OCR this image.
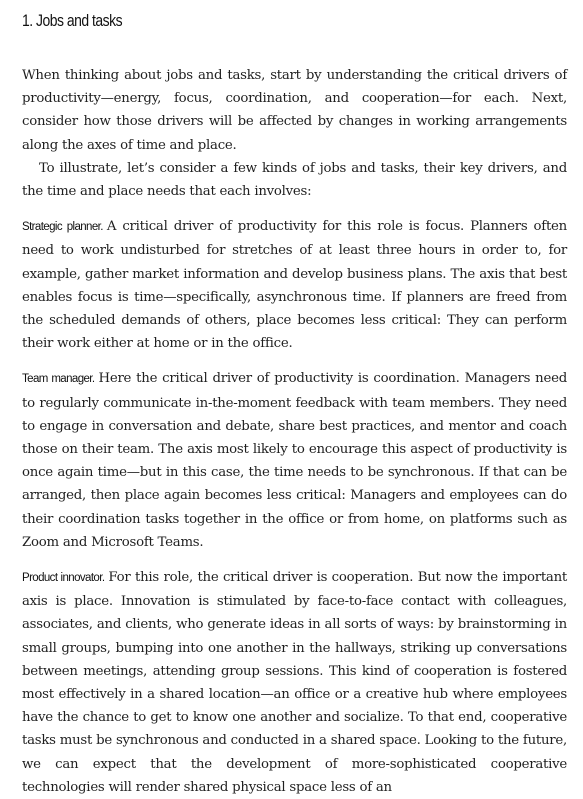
1. Jobs and tasks

When thinking about jobs and tasks, start by understanding the critical drivers of productivity—energy, focus, coordination, and cooperation—for each. Next, consider how those drivers will be affected by changes in working arrangements along the axes of time and place.

To illustrate, let’s consider a few kinds of jobs and tasks, their key drivers, and the time and place needs that each involves:

Strategic planner. A critical driver of productivity for this role is focus. Planners often need to work undisturbed for stretches of at least three hours in order to, for example, gather market information and develop business plans. The axis that best enables focus is time—specifically, asynchronous time. If planners are freed from the scheduled demands of others, place becomes less critical: They can perform their work either at home or in the office.

Team manager. Here the critical driver of productivity is coordination. Managers need to regularly communicate in-the-moment feedback with team members. They need to engage in conversation and debate, share best practices, and mentor and coach those on their team. The axis most likely to encourage this aspect of productivity is once again time—but in this case, the time needs to be synchronous. If that can be arranged, then place again becomes less critical: Managers and employees can do their coordination tasks together in the office or from home, on platforms such as Zoom and Microsoft Teams.

Product innovator. For this role, the critical driver is cooperation. But now the important axis is place. Innovation is stimulated by face-to-face contact with colleagues, associates, and clients, who generate ideas in all sorts of ways: by brainstorming in small groups, bumping into one another in the hallways, striking up conversations between meetings, attending group sessions. This kind of cooperation is fostered most effectively in a shared location—an office or a creative hub where employees have the chance to get to know one another and socialize. To that end, cooperative tasks must be synchronous and conducted in a shared space. Looking to the future, we can expect that the development of more-sophisticated cooperative technologies will render shared physical space less of an
